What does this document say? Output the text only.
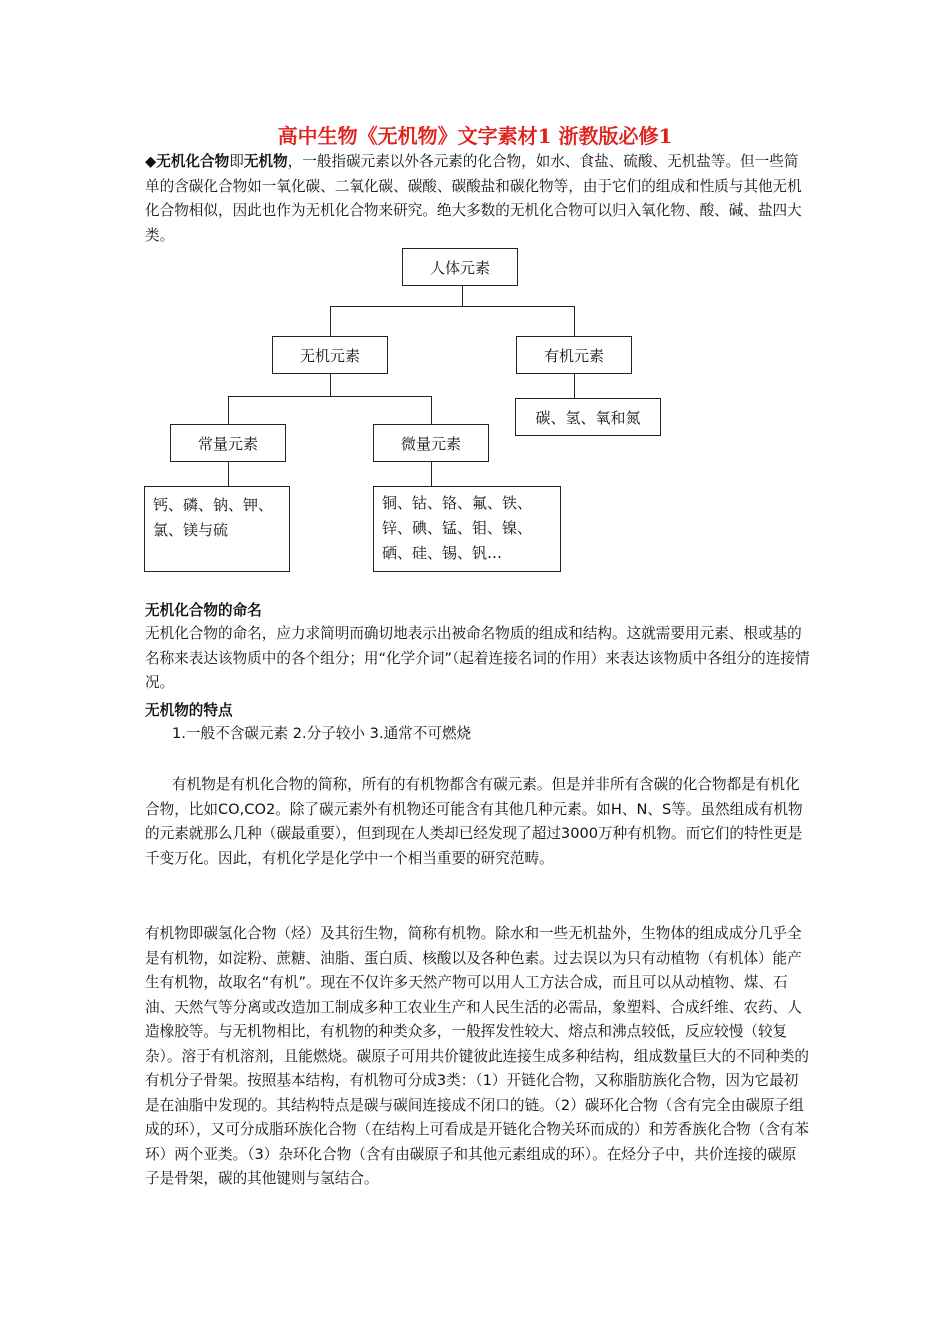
高中生物《无机物》文字素材1 浙教版必修1
◆无机化合物即无机物，一般指碳元素以外各元素的化合物，如水、食盐、硫酸、无机盐等。但一些简单的含碳化合物如一氧化碳、二氧化碳、碳酸、碳酸盐和碳化物等，由于它们的组成和性质与其他无机化合物相似，因此也作为无机化合物来研究。绝大多数的无机化合物可以归入氧化物、酸、碱、盐四大类。
人体元素
无机元素	有机元素
碳、氢、氧和氮
常量元素	微量元素
钙、磷、钠、钾、
氯、镁与硫
铜、钴、铬、氟、铁、
锌、碘、锰、钼、镍、
硒、硅、锡、钒…
无机化合物的命名
无机化合物的命名，应力求简明而确切地表示出被命名物质的组成和结构。这就需要用元素、根或基的名称来表达该物质中的各个组分；用“化学介词”（起着连接名词的作用）来表达该物质中各组分的连接情况。
无机物的特点
1.一般不含碳元素 2.分子较小 3.通常不可燃烧
有机物是有机化合物的简称，所有的有机物都含有碳元素。但是并非所有含碳的化合物都是有机化合物，比如CO,CO2。除了碳元素外有机物还可能含有其他几种元素。如H、N、S等。虽然组成有机物的元素就那么几种（碳最重要），但到现在人类却已经发现了超过3000万种有机物。而它们的特性更是千变万化。因此，有机化学是化学中一个相当重要的研究范畴。
有机物即碳氢化合物（烃）及其衍生物，简称有机物。除水和一些无机盐外，生物体的组成成分几乎全是有机物，如淀粉、蔗糖、油脂、蛋白质、核酸以及各种色素。过去误以为只有动植物（有机体）能产生有机物，故取名“有机”。现在不仅许多天然产物可以用人工方法合成，而且可以从动植物、煤、石油、天然气等分离或改造加工制成多种工农业生产和人民生活的必需品，象塑料、合成纤维、农药、人造橡胶等。与无机物相比，有机物的种类众多，一般挥发性较大、熔点和沸点较低，反应较慢（较复杂）。溶于有机溶剂，且能燃烧。碳原子可用共价键彼此连接生成多种结构，组成数量巨大的不同种类的有机分子骨架。按照基本结构，有机物可分成3类：（1）开链化合物，又称脂肪族化合物，因为它最初是在油脂中发现的。其结构特点是碳与碳间连接成不闭口的链。（2）碳环化合物（含有完全由碳原子组成的环），又可分成脂环族化合物（在结构上可看成是开链化合物关环而成的）和芳香族化合物（含有苯环）两个亚类。（3）杂环化合物（含有由碳原子和其他元素组成的环）。在烃分子中，共价连接的碳原子是骨架，碳的其他键则与氢结合。
